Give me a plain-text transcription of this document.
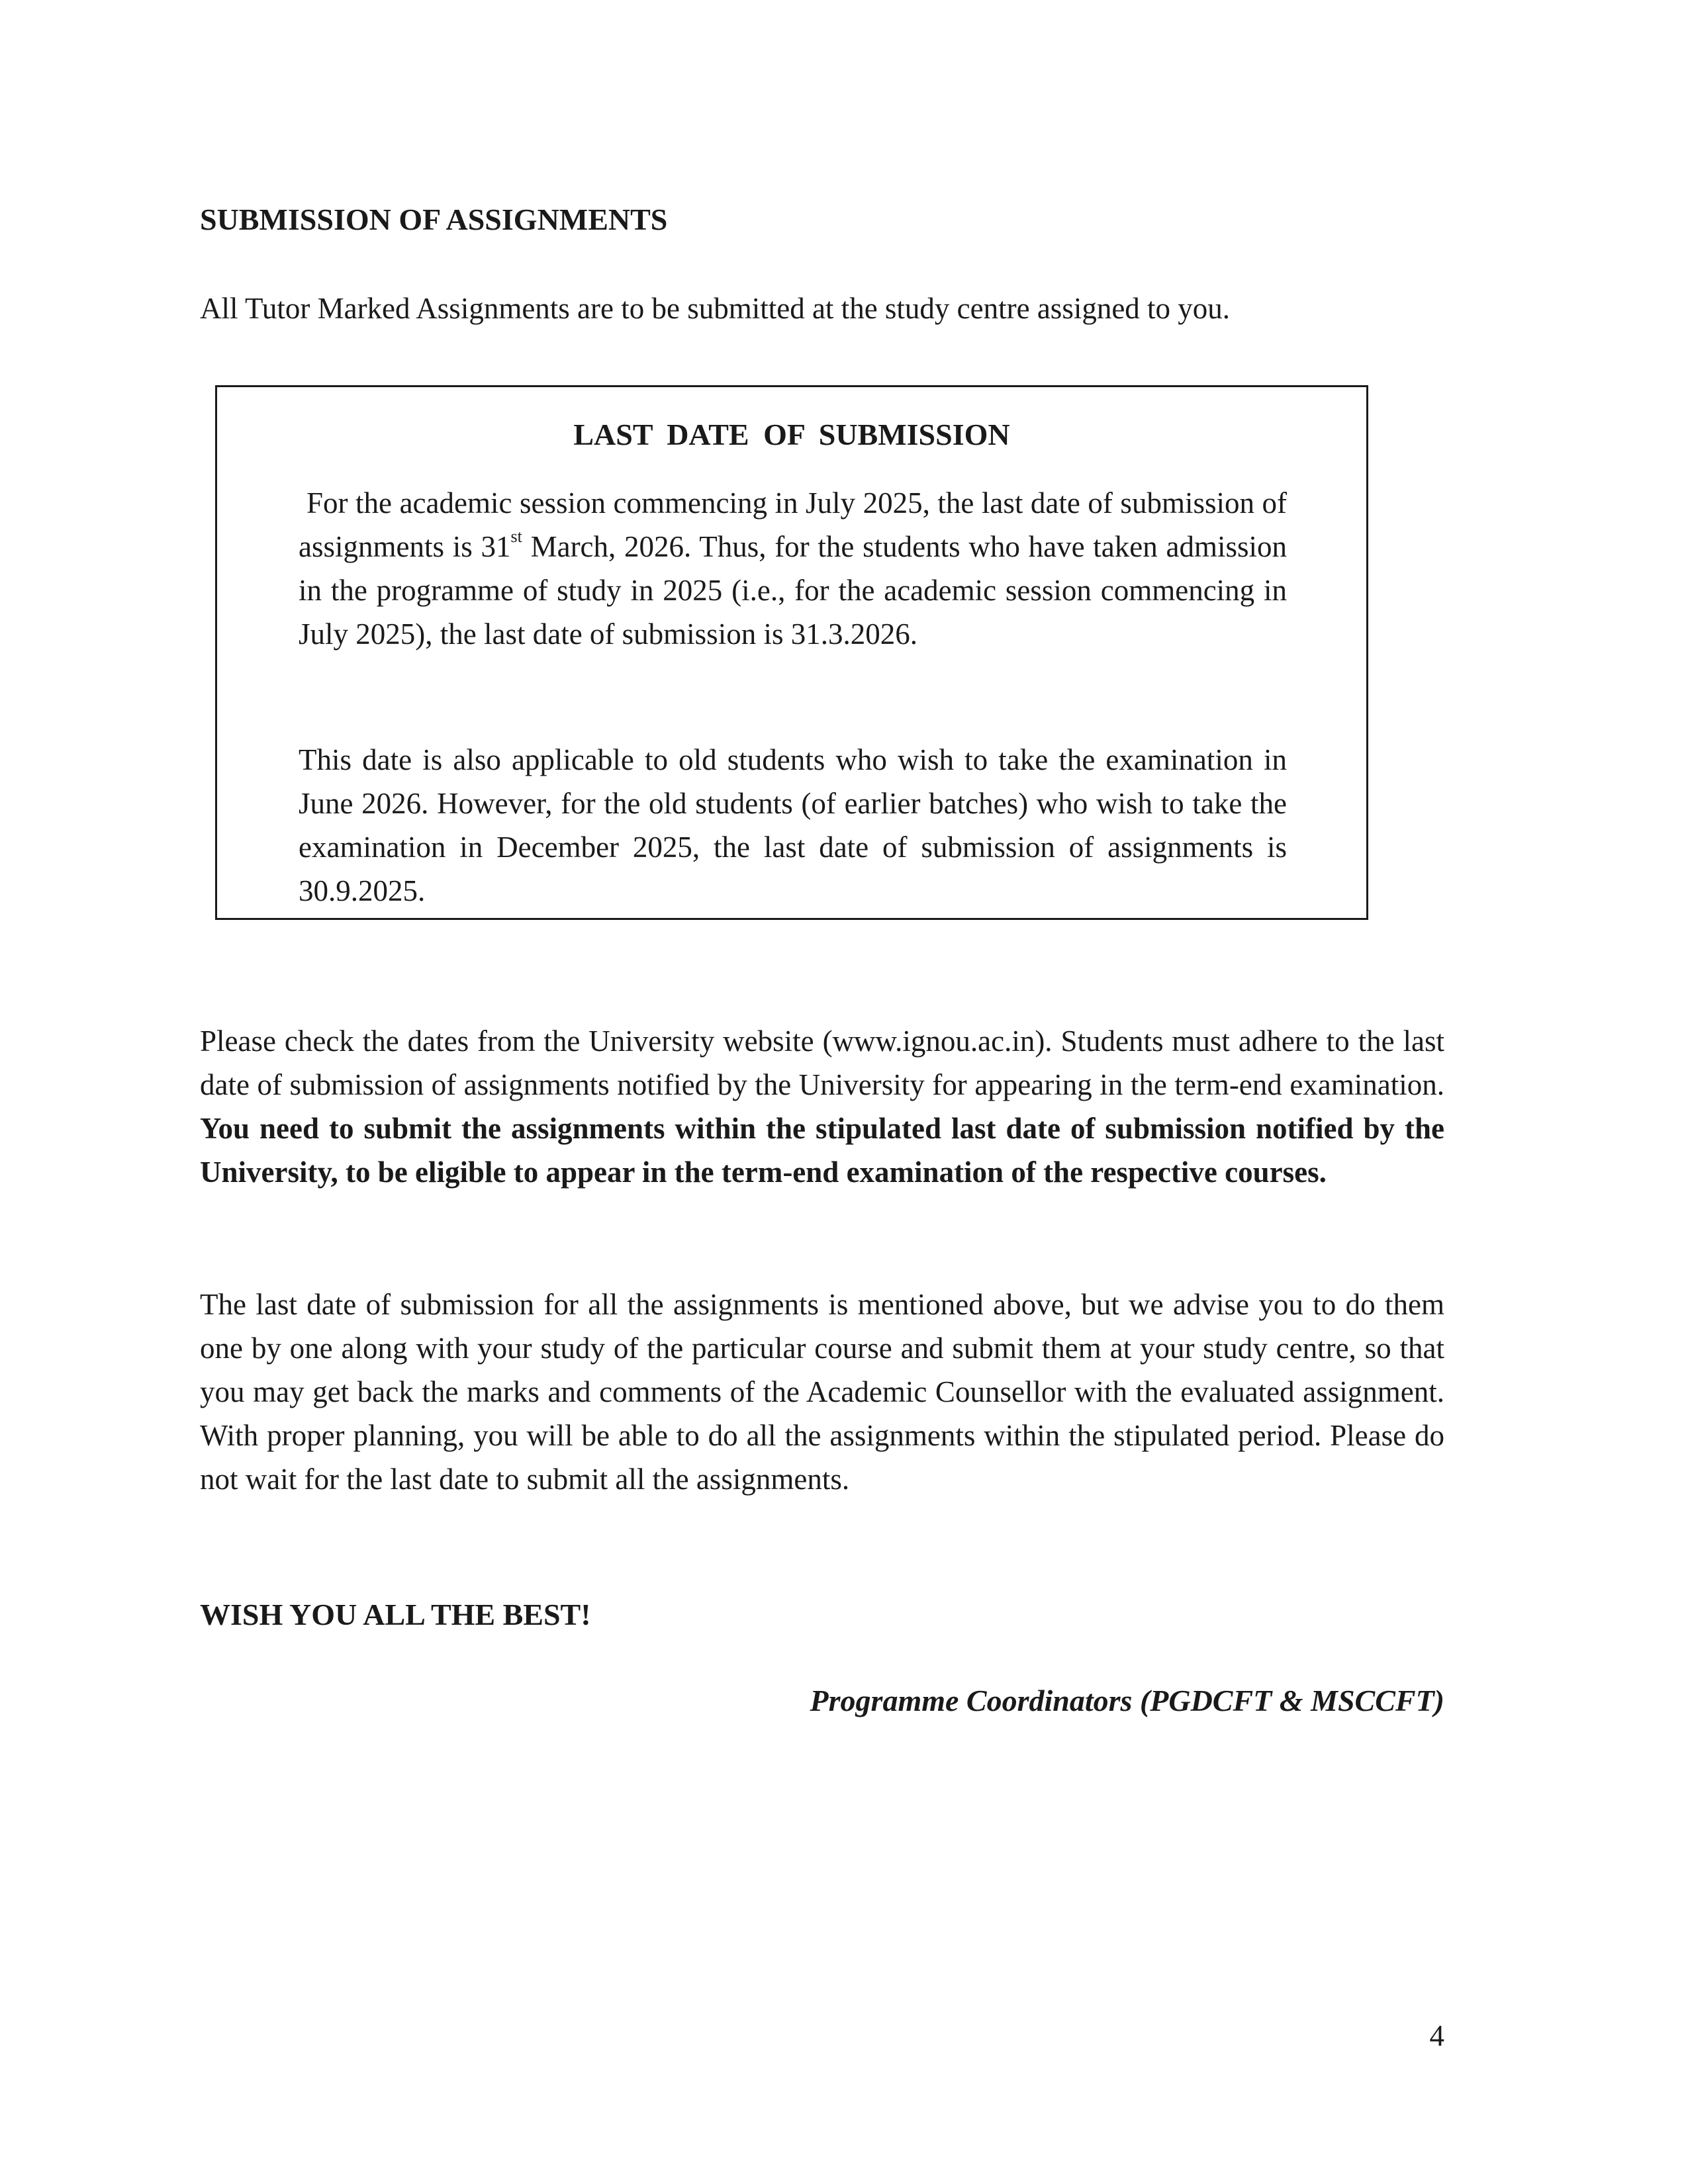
SUBMISSION OF ASSIGNMENTS

All Tutor Marked Assignments are to be submitted at the study centre assigned to you.

LAST DATE OF SUBMISSION

For the academic session commencing in July 2025, the last date of submission of assignments is 31st March, 2026. Thus, for the students who have taken admission in the programme of study in 2025 (i.e., for the academic session commencing in July 2025), the last date of submission is 31.3.2026.

This date is also applicable to old students who wish to take the examination in June 2026. However, for the old students (of earlier batches) who wish to take the examination in December 2025, the last date of submission of assignments is 30.9.2025.

Please check the dates from the University website (www.ignou.ac.in). Students must adhere to the last date of submission of assignments notified by the University for appearing in the term-end examination. You need to submit the assignments within the stipulated last date of submission notified by the University, to be eligible to appear in the term-end examination of the respective courses.

The last date of submission for all the assignments is mentioned above, but we advise you to do them one by one along with your study of the particular course and submit them at your study centre, so that you may get back the marks and comments of the Academic Counsellor with the evaluated assignment. With proper planning, you will be able to do all the assignments within the stipulated period. Please do not wait for the last date to submit all the assignments.

WISH YOU ALL THE BEST!

Programme Coordinators (PGDCFT & MSCCFT)

4
